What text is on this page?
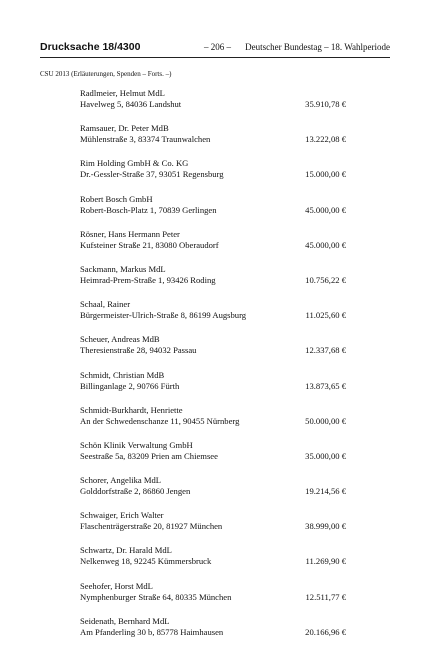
Drucksache 18/4300	– 206 – Deutscher Bundestag – 18. Wahlperiode
CSU 2013 (Erläuterungen, Spenden – Forts. –)
Radlmeier, Helmut MdL
Havelweg 5, 84036 Landshut	35.910,78 €
Ramsauer, Dr. Peter MdB
Mühlenstraße 3, 83374 Traunwalchen	13.222,08 €
Rim Holding GmbH & Co. KG
Dr.-Gessler-Straße 37, 93051 Regensburg	15.000,00 €
Robert Bosch GmbH
Robert-Bosch-Platz 1, 70839 Gerlingen	45.000,00 €
Rösner, Hans Hermann Peter
Kufsteiner Straße 21, 83080 Oberaudorf	45.000,00 €
Sackmann, Markus MdL
Heimrad-Prem-Straße 1, 93426 Roding	10.756,22 €
Schaal, Rainer
Bürgermeister-Ulrich-Straße 8, 86199 Augsburg	11.025,60 €
Scheuer, Andreas MdB
Theresienstraße 28, 94032 Passau	12.337,68 €
Schmidt, Christian MdB
Billinganlage 2, 90766 Fürth	13.873,65 €
Schmidt-Burkhardt, Henriette
An der Schwedenschanze 11, 90455 Nürnberg	50.000,00 €
Schön Klinik Verwaltung GmbH
Seestraße 5a, 83209 Prien am Chiemsee	35.000,00 €
Schorer, Angelika MdL
Golddorfstraße 2, 86860 Jengen	19.214,56 €
Schwaiger, Erich Walter
Flaschenträgerstraße 20, 81927 München	38.999,00 €
Schwartz, Dr. Harald MdL
Nelkenweg 18, 92245 Kümmersbruck	11.269,90 €
Seehofer, Horst MdL
Nymphenburger Straße 64, 80335 München	12.511,77 €
Seidenath, Bernhard MdL
Am Pfanderling 30 b, 85778 Haimhausen	20.166,96 €
